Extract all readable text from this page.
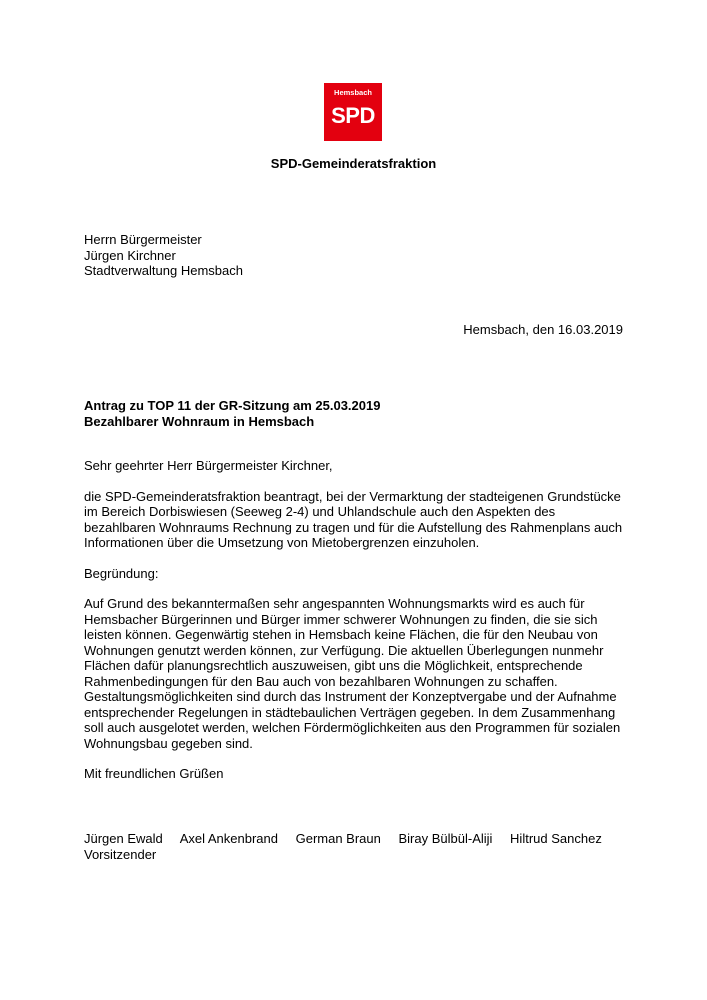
Hemsbach
SPD
SPD-Gemeinderatsfraktion
Herrn Bürgermeister
Jürgen Kirchner
Stadtverwaltung Hemsbach
Hemsbach, den 16.03.2019
Antrag zu TOP 11 der GR-Sitzung am 25.03.2019
Bezahlbarer Wohnraum in Hemsbach

Sehr geehrter Herr Bürgermeister Kirchner,

die SPD-Gemeinderatsfraktion beantragt, bei der Vermarktung der stadteigenen Grundstücke im Bereich Dorbiswiesen (Seeweg 2-4) und Uhlandschule auch den Aspekten des bezahlbaren Wohnraums Rechnung zu tragen und für die Aufstellung des Rahmenplans auch Informationen über die Umsetzung von Mietobergrenzen einzuholen.

Begründung:

Auf Grund des bekanntermaßen sehr angespannten Wohnungsmarkts wird es auch für Hemsbacher Bürgerinnen und Bürger immer schwerer Wohnungen zu finden, die sie sich leisten können. Gegenwärtig stehen in Hemsbach keine Flächen, die für den Neubau von Wohnungen genutzt werden können, zur Verfügung. Die aktuellen Überlegungen nunmehr Flächen dafür planungsrechtlich auszuweisen, gibt uns die Möglichkeit, entsprechende Rahmenbedingungen für den Bau auch von bezahlbaren Wohnungen zu schaffen. Gestaltungsmöglichkeiten sind durch das Instrument der Konzeptvergabe und der Aufnahme entsprechender Regelungen in städtebaulichen Verträgen gegeben. In dem Zusammenhang soll auch ausgelotet werden, welchen Fördermöglichkeiten aus den Programmen für sozialen Wohnungsbau gegeben sind.

Mit freundlichen Grüßen

Jürgen Ewald Axel Ankenbrand German Braun Biray Bülbül-Aliji Hiltrud Sanchez
Vorsitzender
